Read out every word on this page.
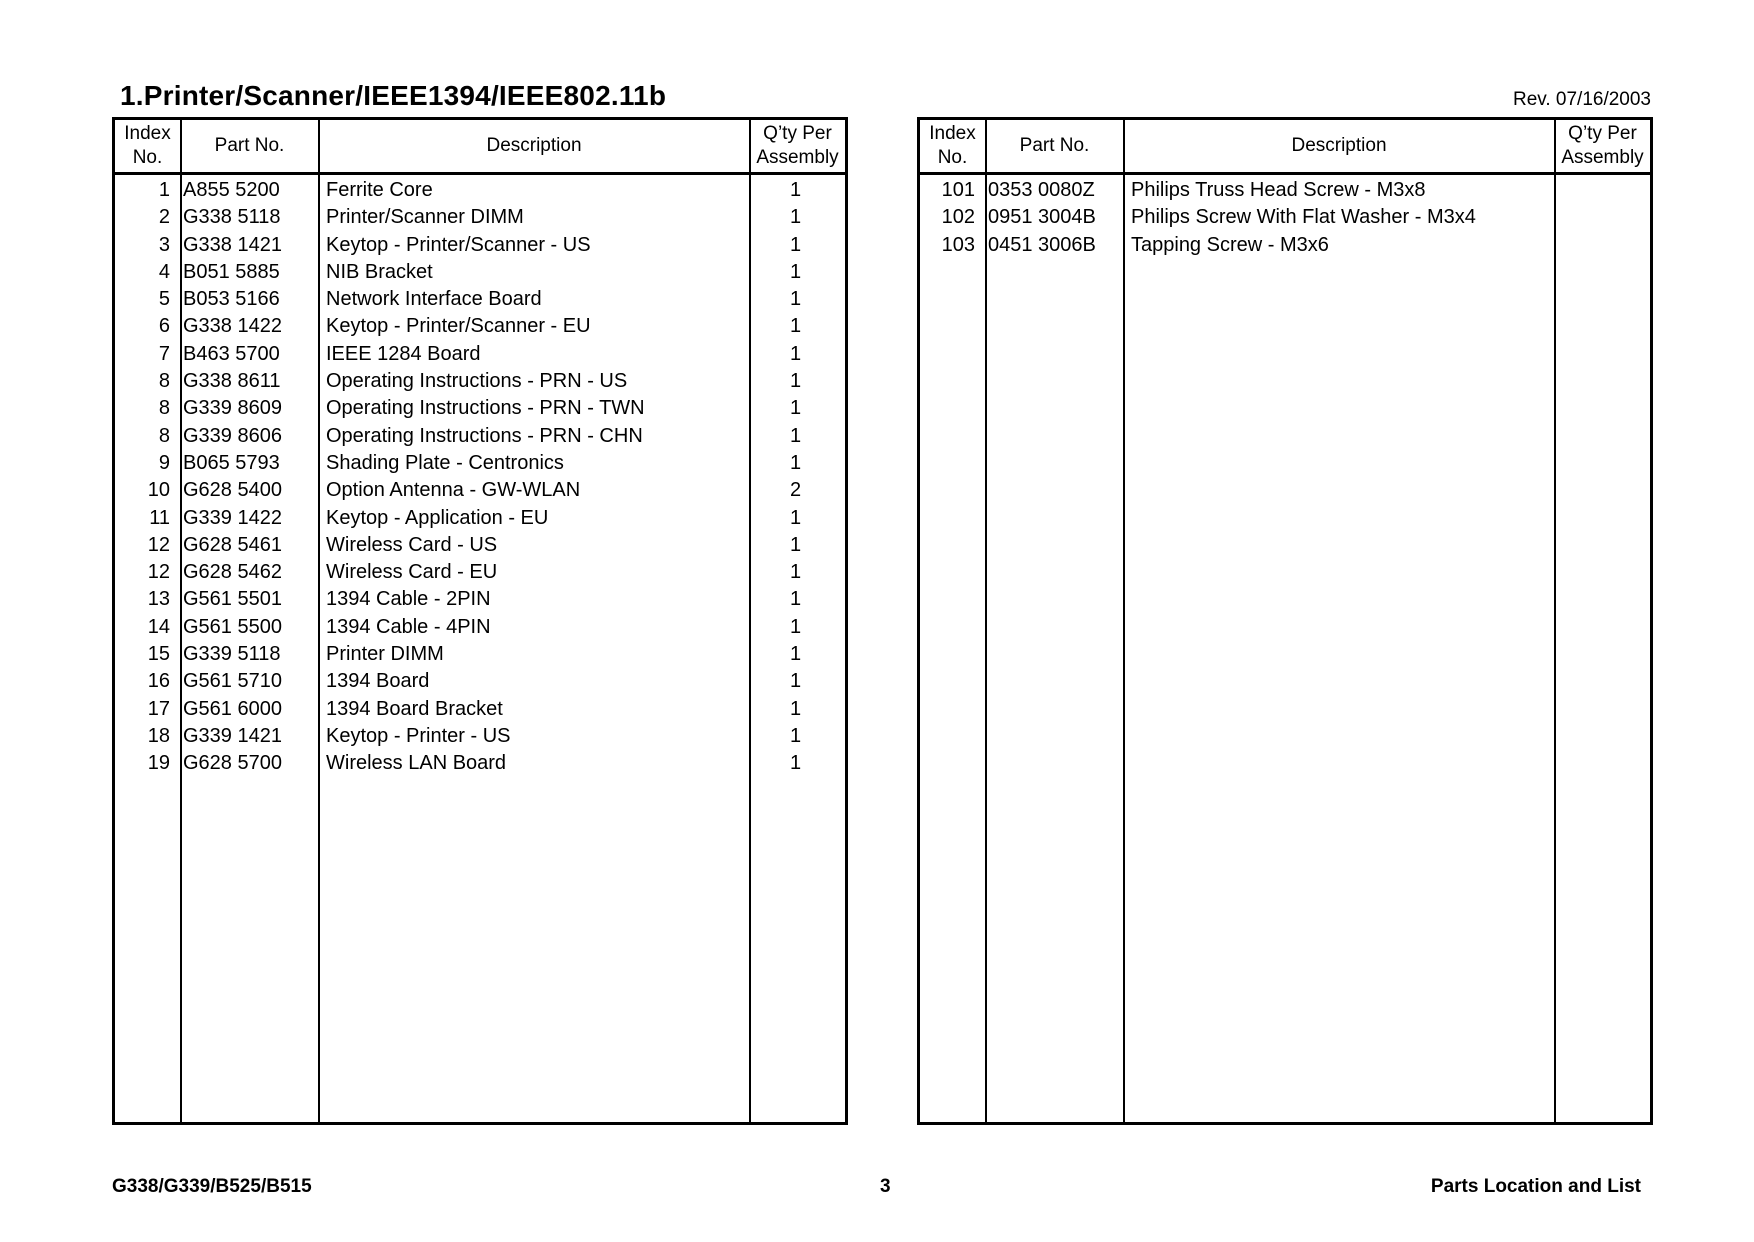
1.Printer/Scanner/IEEE1394/IEEE802.11b	Rev. 07/16/2003
Index
No.
Part No.	Description
Q’ty Per
Assembly
1 A855 5200	Ferrite Core	1
2 G338 5118	Printer/Scanner DIMM	1
3 G338 1421	Keytop - Printer/Scanner - US	1
4 B051 5885	NIB Bracket	1
5 B053 5166	Network Interface Board	1
6 G338 1422	Keytop - Printer/Scanner - EU	1
7 B463 5700	IEEE 1284 Board	1
8 G338 8611	Operating Instructions - PRN - US	1
8 G339 8609	Operating Instructions - PRN - TWN	1
8 G339 8606	Operating Instructions - PRN - CHN	1
9 B065 5793	Shading Plate - Centronics	1
10 G628 5400	Option Antenna - GW-WLAN	2
11 G339 1422	Keytop - Application - EU	1
12 G628 5461	Wireless Card - US	1
12 G628 5462	Wireless Card - EU	1
13 G561 5501	1394 Cable - 2PIN	1
14 G561 5500	1394 Cable - 4PIN	1
15 G339 5118	Printer DIMM	1
16 G561 5710	1394 Board	1
17 G561 6000	1394 Board Bracket	1
18 G339 1421	Keytop - Printer - US	1
19 G628 5700	Wireless LAN Board	1
Index
No.
Part No.	Description
Q’ty Per
Assembly
101 0353 0080Z	Philips Truss Head Screw - M3x8
102 0951 3004B	Philips Screw With Flat Washer - M3x4
103 0451 3006B	Tapping Screw - M3x6
G338/G339/B525/B515	3	Parts Location and List
